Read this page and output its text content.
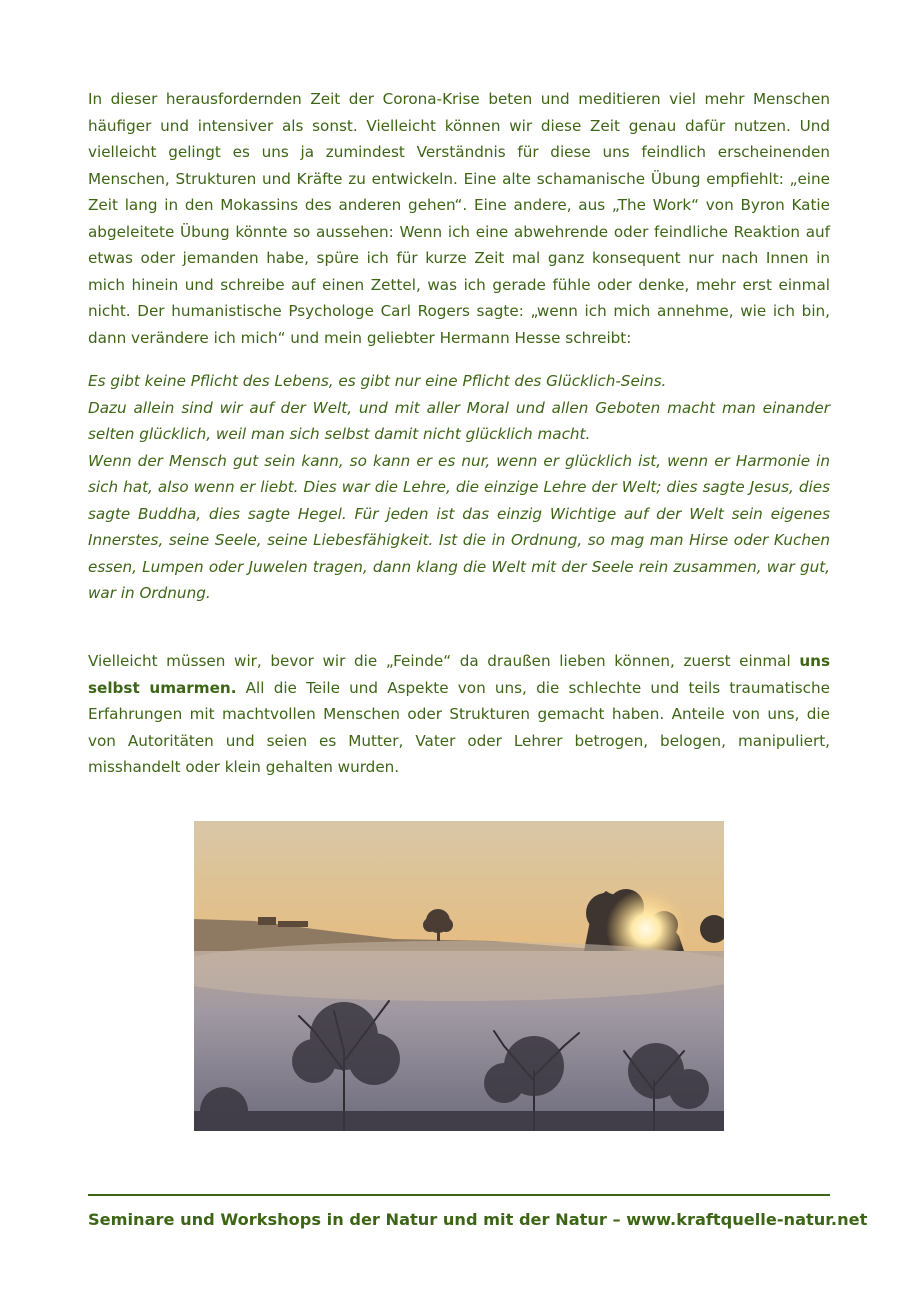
In dieser herausfordernden Zeit der Corona-Krise beten und meditieren viel mehr Menschen häufiger und intensiver als sonst. Vielleicht können wir diese Zeit genau dafür nutzen. Und vielleicht gelingt es uns ja zumindest Verständnis für diese uns feindlich erscheinenden Menschen, Strukturen und Kräfte zu entwickeln. Eine alte schamanische Übung empfiehlt: „eine Zeit lang in den Mokassins des anderen gehen“. Eine andere, aus „The Work“ von Byron Katie abgeleitete Übung könnte so aussehen: Wenn ich eine abwehrende oder feindliche Reaktion auf etwas oder jemanden habe, spüre ich für kurze Zeit mal ganz konsequent nur nach Innen in mich hinein und schreibe auf einen Zettel, was ich gerade fühle oder denke, mehr erst einmal nicht. Der humanistische Psychologe Carl Rogers sagte: „wenn ich mich annehme, wie ich bin, dann verändere ich mich“ und mein geliebter Hermann Hesse schreibt:

Es gibt keine Pflicht des Lebens, es gibt nur eine Pflicht des Glücklich-Seins.
Dazu allein sind wir auf der Welt, und mit aller Moral und allen Geboten macht man einander selten glücklich, weil man sich selbst damit nicht glücklich macht.
Wenn der Mensch gut sein kann, so kann er es nur, wenn er glücklich ist, wenn er Harmonie in sich hat, also wenn er liebt. Dies war die Lehre, die einzige Lehre der Welt; dies sagte Jesus, dies sagte Buddha, dies sagte Hegel. Für jeden ist das einzig Wichtige auf der Welt sein eigenes Innerstes, seine Seele, seine Liebesfähigkeit. Ist die in Ordnung, so mag man Hirse oder Kuchen essen, Lumpen oder Juwelen tragen, dann klang die Welt mit der Seele rein zusammen, war gut, war in Ordnung.

Vielleicht müssen wir, bevor wir die „Feinde“ da draußen lieben können, zuerst einmal uns selbst umarmen. All die Teile und Aspekte von uns, die schlechte und teils traumatische Erfahrungen mit machtvollen Menschen oder Strukturen gemacht haben. Anteile von uns, die von Autoritäten und seien es Mutter, Vater oder Lehrer betrogen, belogen, manipuliert, misshandelt oder klein gehalten wurden.

Seminare und Workshops in der Natur und mit der Natur – www.kraftquelle-natur.net
